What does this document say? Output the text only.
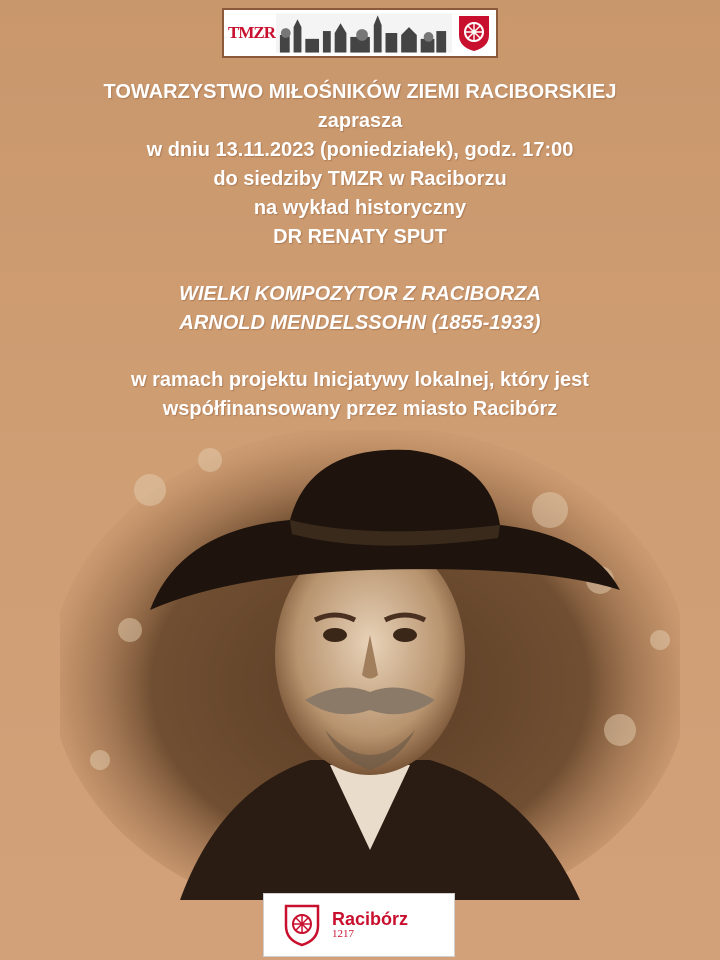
TMZR
TOWARZYSTWO MIŁOŚNIKÓW ZIEMI RACIBORSKIEJ
zaprasza
w dniu 13.11.2023 (poniedziałek), godz. 17:00
do siedziby TMZR w Raciborzu
na wykład historyczny
DR RENATY SPUT
WIELKI KOMPOZYTOR Z RACIBORZA
ARNOLD MENDELSSOHN (1855-1933)
w ramach projektu Inicjatywy lokalnej, który jest
współfinansowany przez miasto Racibórz
Racibórz
1217
